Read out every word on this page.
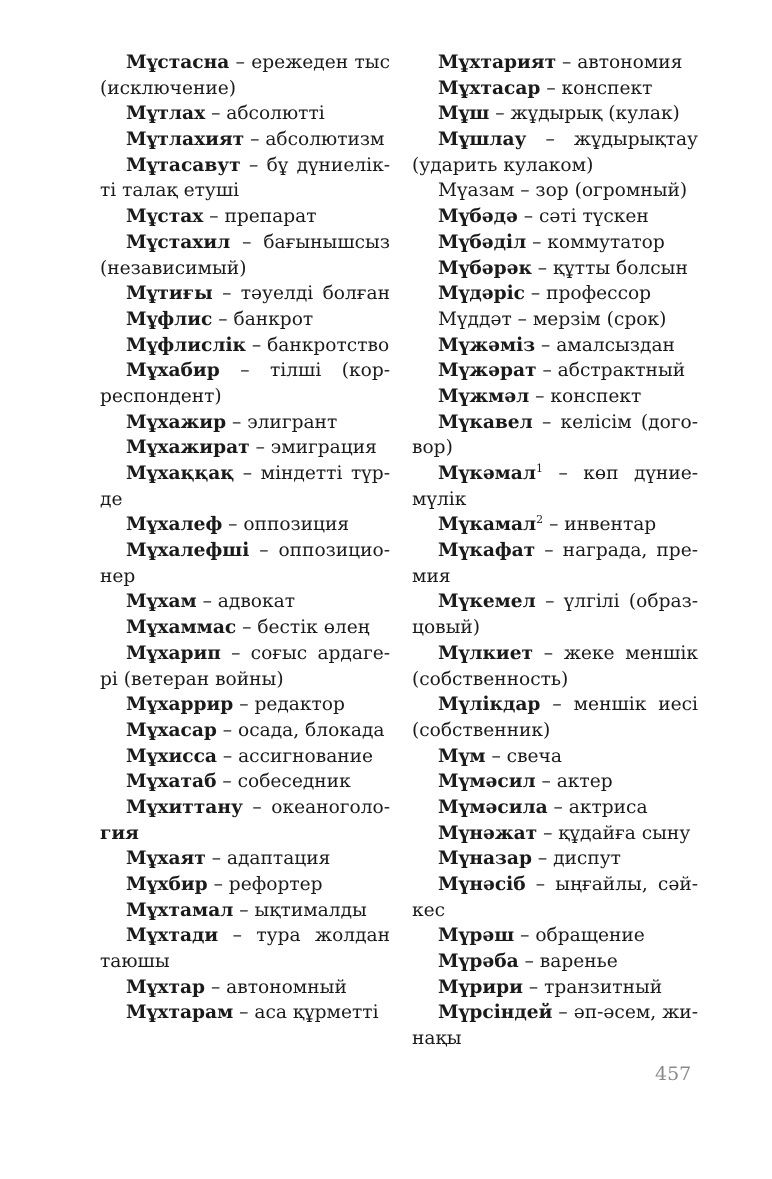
Мұстасна – ережеден тыс
(исключение)
Мұтлах – абсолютті
Мұтлахият – абсолютизм
Мұтасавут – бұ дүниелік-
ті талақ етуші
Мұстах – препарат
Мұстахил – бағынышсыз
(независимый)
Мұтиғы – тәуелді болған
Мұфлис – банкрот
Мұфлислік – банкротство
Мұхабир – тілші (кор-
респондент)
Мұхажир – элигрант
Мұхажират – эмиграция
Мұхаққақ – міндетті түр-
де
Мұхалеф – оппозиция
Мұхалефші – оппозицио-
нер
Мұхам – адвокат
Мұхаммас – бестік өлең
Мұхарип – соғыс ардаге-
рі (ветеран войны)
Мұхаррир – редактор
Мұхасар – осада, блокада
Мұхисса – ассигнование
Мұхатаб – собеседник
Мұхиттану – океаноголо-
гия
Мұхаят – адаптация
Мұхбир – рефортер
Мұхтамал – ықтималды
Мұхтади – тура жолдан
таюшы
Мұхтар – автономный
Мұхтарам – аса құрметті
Мұхтарият – автономия
Мұхтасар – конспект
Мұш – жұдырық (кулак)
Мұшлау – жұдырықтау
(ударить кулаком)
Мүазам – зор (огромный)
Мүбәдә – сәті түскен
Мүбәділ – коммутатор
Мүбәрәк – құтты болсын
Мүдәріс – профессор
Мүддәт – мерзім (срок)
Мүжәміз – амалсыздан
Мүжәрат – абстрактный
Мүжмәл – конспект
Мүкавел – келісім (дого-
вор)
Мүкәмал$^1$ – көп дүние-
мүлік
Мүкамал$^2$ – инвентар
Мүкафат – награда, пре-
мия
Мүкемел – үлгілі (образ-
цовый)
Мүлкиет – жеке меншік
(собственность)
Мүлікдар – меншік иесі
(собственник)
Мүм – свеча
Мүмәсил – актер
Мүмәсила – актриса
Мүнәжат – құдайға сыну
Мүназар – диспут
Мүнәсіб – ыңғайлы, сәй-
кес
Мүрәш – обращение
Мүрәба – варенье
Мүрири – транзитный
Мүрсіндей – әп-әсем, жи-
нақы
457
